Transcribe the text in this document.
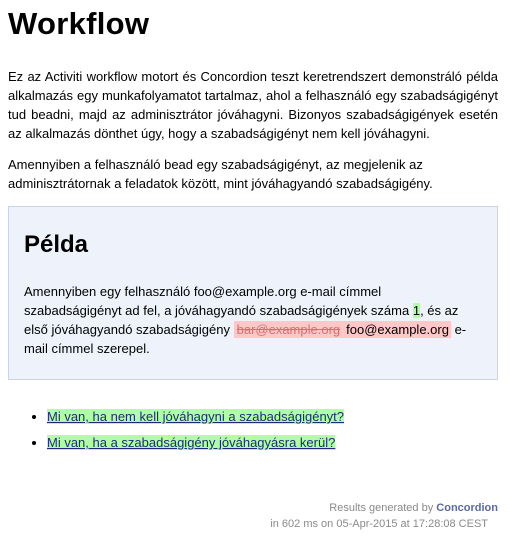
Workflow

Ez az Activiti workflow motort és Concordion teszt keretrendszert demonstráló példa alkalmazás egy munkafolyamatot tartalmaz, ahol a felhasználó egy szabadságigényt tud beadni, majd az adminisztrátor jóváhagyni. Bizonyos szabadságigények esetén az alkalmazás dönthet úgy, hogy a szabadságigényt nem kell jóváhagyni.

Amennyiben a felhasználó bead egy szabadságigényt, az megjelenik az adminisztrátornak a feladatok között, mint jóváhagyandó szabadságigény.

Példa

Amennyiben egy felhasználó foo@example.org e-mail címmel szabadságigényt ad fel, a jóváhagyandó szabadságigények száma 1, és az első jóváhagyandó szabadságigény bar@example.org foo@example.org e-mail címmel szerepel.

• Mi van, ha nem kell jóváhagyni a szabadságigényt?
• Mi van, ha a szabadságigény jóváhagyásra kerül?
Results generated by Concordion
in 602 ms on 05-Apr-2015 at 17:28:08 CEST
